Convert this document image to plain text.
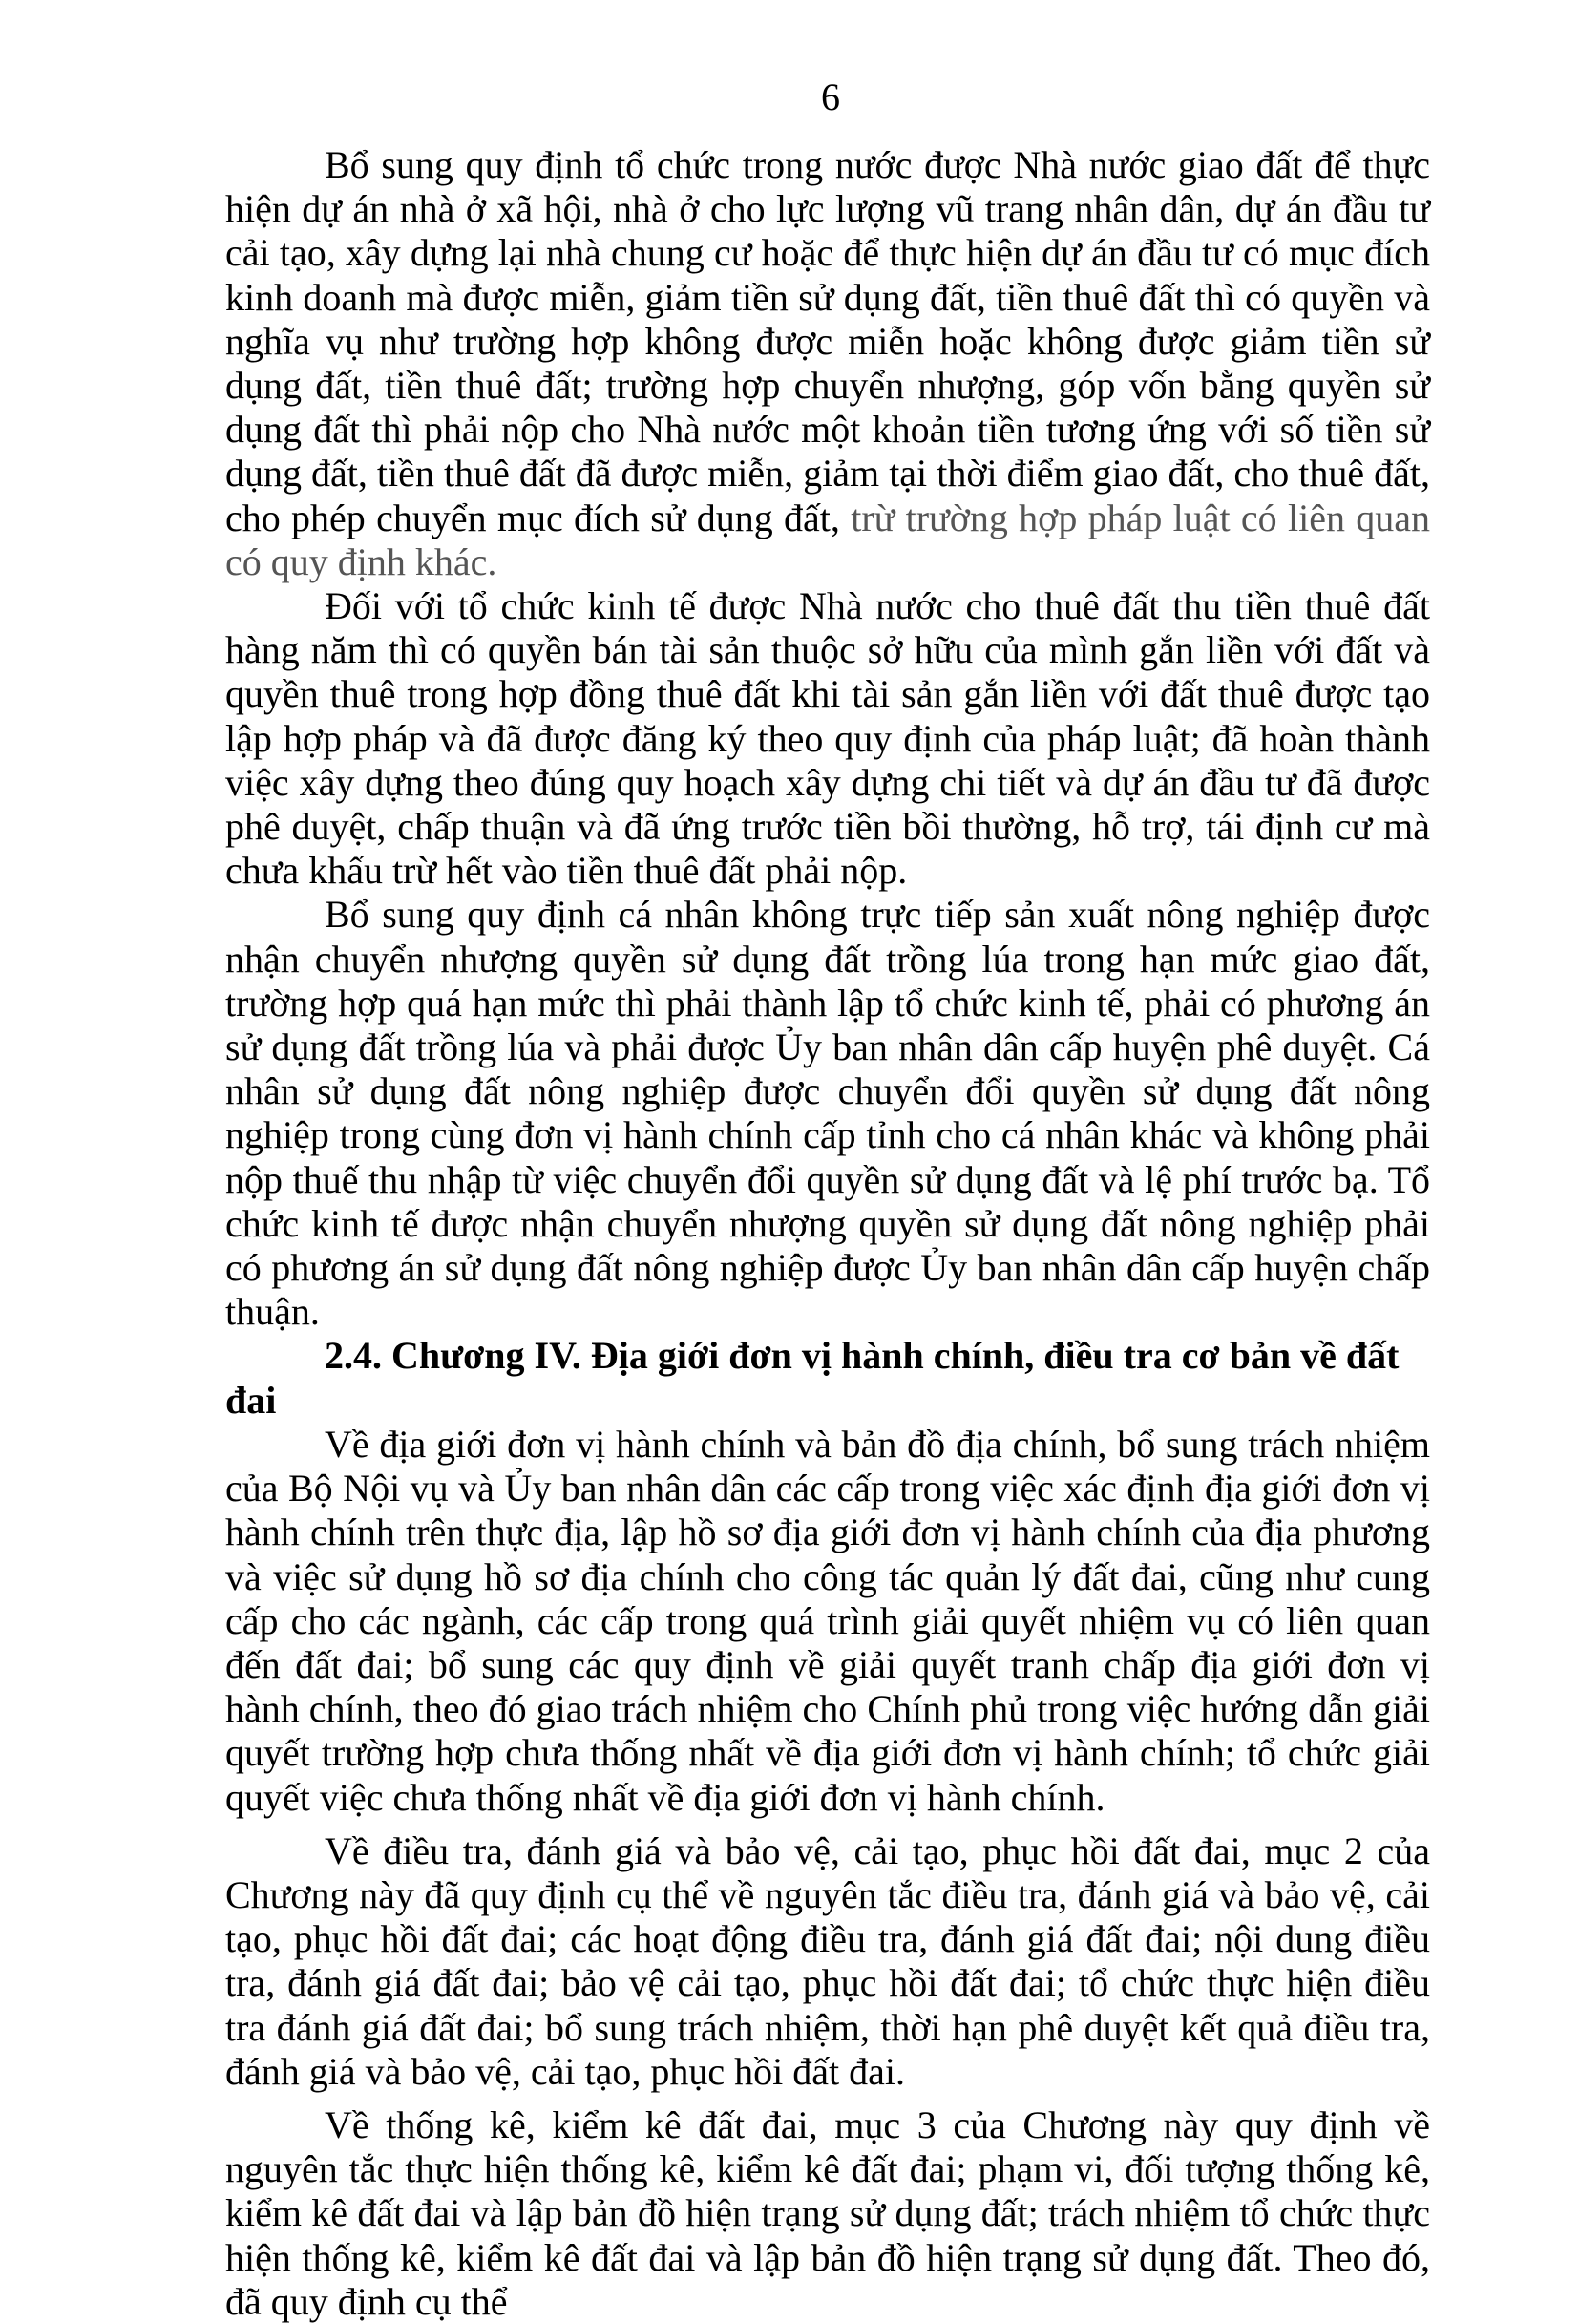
6

Bổ sung quy định tổ chức trong nước được Nhà nước giao đất để thực hiện dự án nhà ở xã hội, nhà ở cho lực lượng vũ trang nhân dân, dự án đầu tư cải tạo, xây dựng lại nhà chung cư hoặc để thực hiện dự án đầu tư có mục đích kinh doanh mà được miễn, giảm tiền sử dụng đất, tiền thuê đất thì có quyền và nghĩa vụ như trường hợp không được miễn hoặc không được giảm tiền sử dụng đất, tiền thuê đất; trường hợp chuyển nhượng, góp vốn bằng quyền sử dụng đất thì phải nộp cho Nhà nước một khoản tiền tương ứng với số tiền sử dụng đất, tiền thuê đất đã được miễn, giảm tại thời điểm giao đất, cho thuê đất, cho phép chuyển mục đích sử dụng đất, trừ trường hợp pháp luật có liên quan có quy định khác.

Đối với tổ chức kinh tế được Nhà nước cho thuê đất thu tiền thuê đất hàng năm thì có quyền bán tài sản thuộc sở hữu của mình gắn liền với đất và quyền thuê trong hợp đồng thuê đất khi tài sản gắn liền với đất thuê được tạo lập hợp pháp và đã được đăng ký theo quy định của pháp luật; đã hoàn thành việc xây dựng theo đúng quy hoạch xây dựng chi tiết và dự án đầu tư đã được phê duyệt, chấp thuận và đã ứng trước tiền bồi thường, hỗ trợ, tái định cư mà chưa khấu trừ hết vào tiền thuê đất phải nộp.

Bổ sung quy định cá nhân không trực tiếp sản xuất nông nghiệp được nhận chuyển nhượng quyền sử dụng đất trồng lúa trong hạn mức giao đất, trường hợp quá hạn mức thì phải thành lập tổ chức kinh tế, phải có phương án sử dụng đất trồng lúa và phải được Ủy ban nhân dân cấp huyện phê duyệt. Cá nhân sử dụng đất nông nghiệp được chuyển đổi quyền sử dụng đất nông nghiệp trong cùng đơn vị hành chính cấp tỉnh cho cá nhân khác và không phải nộp thuế thu nhập từ việc chuyển đổi quyền sử dụng đất và lệ phí trước bạ. Tổ chức kinh tế được nhận chuyển nhượng quyền sử dụng đất nông nghiệp phải có phương án sử dụng đất nông nghiệp được Ủy ban nhân dân cấp huyện chấp thuận.

2.4. Chương IV. Địa giới đơn vị hành chính, điều tra cơ bản về đất đai

Về địa giới đơn vị hành chính và bản đồ địa chính, bổ sung trách nhiệm của Bộ Nội vụ và Ủy ban nhân dân các cấp trong việc xác định địa giới đơn vị hành chính trên thực địa, lập hồ sơ địa giới đơn vị hành chính của địa phương và việc sử dụng hồ sơ địa chính cho công tác quản lý đất đai, cũng như cung cấp cho các ngành, các cấp trong quá trình giải quyết nhiệm vụ có liên quan đến đất đai; bổ sung các quy định về giải quyết tranh chấp địa giới đơn vị hành chính, theo đó giao trách nhiệm cho Chính phủ trong việc hướng dẫn giải quyết trường hợp chưa thống nhất về địa giới đơn vị hành chính; tổ chức giải quyết việc chưa thống nhất về địa giới đơn vị hành chính.

Về điều tra, đánh giá và bảo vệ, cải tạo, phục hồi đất đai, mục 2 của Chương này đã quy định cụ thể về nguyên tắc điều tra, đánh giá và bảo vệ, cải tạo, phục hồi đất đai; các hoạt động điều tra, đánh giá đất đai; nội dung điều tra, đánh giá đất đai; bảo vệ cải tạo, phục hồi đất đai; tổ chức thực hiện điều tra đánh giá đất đai; bổ sung trách nhiệm, thời hạn phê duyệt kết quả điều tra, đánh giá và bảo vệ, cải tạo, phục hồi đất đai.

Về thống kê, kiểm kê đất đai, mục 3 của Chương này quy định về nguyên tắc thực hiện thống kê, kiểm kê đất đai; phạm vi, đối tượng thống kê, kiểm kê đất đai và lập bản đồ hiện trạng sử dụng đất; trách nhiệm tổ chức thực hiện thống kê, kiểm kê đất đai và lập bản đồ hiện trạng sử dụng đất. Theo đó, đã quy định cụ thể
